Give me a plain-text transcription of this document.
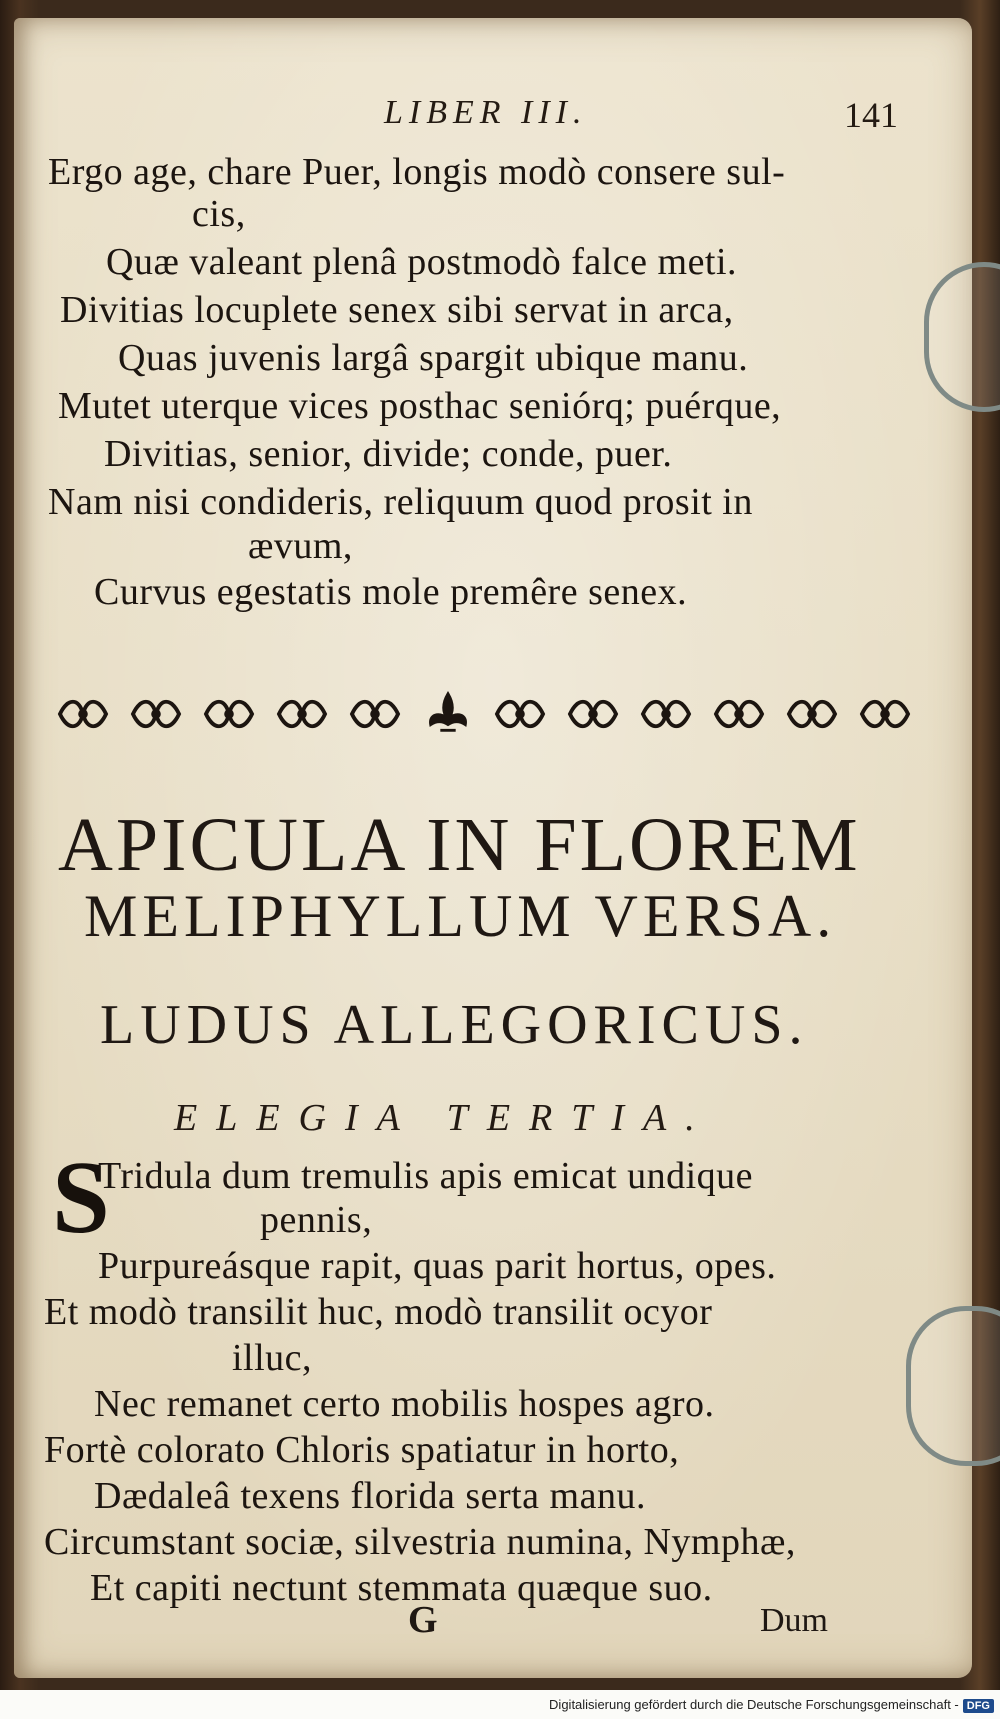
LIBER III.	141
Ergo age, chare Puer, longis modò consere sul-
cis,
Quæ valeant plenâ postmodò falce meti.
Divitias locuplete senex sibi servat in arca,
Quas juvenis largâ spargit ubique manu.
Mutet uterque vices posthac seniórq; puérque,
Divitias, senior, divide; conde, puer.
Nam nisi condideris, reliquum quod prosit in
ævum,
Curvus egestatis mole premêre senex.
APICULA IN FLOREM
MELIPHYLLUM VERSA.
LUDUS ALLEGORICUS.
ELEGIA TERTIA.
S
Tridula dum tremulis apis emicat undique
pennis,
Purpureásque rapit, quas parit hortus, opes.
Et modò transilit huc, modò transilit ocyor
illuc,
Nec remanet certo mobilis hospes agro.
Fortè colorato Chloris spatiatur in horto,
Dædaleâ texens florida serta manu.
Circumstant sociæ, silvestria numina, Nymphæ,
Et capiti nectunt stemmata quæque suo.
G	Dum
Digitalisierung gefördert durch die Deutsche Forschungsgemeinschaft - DFG
